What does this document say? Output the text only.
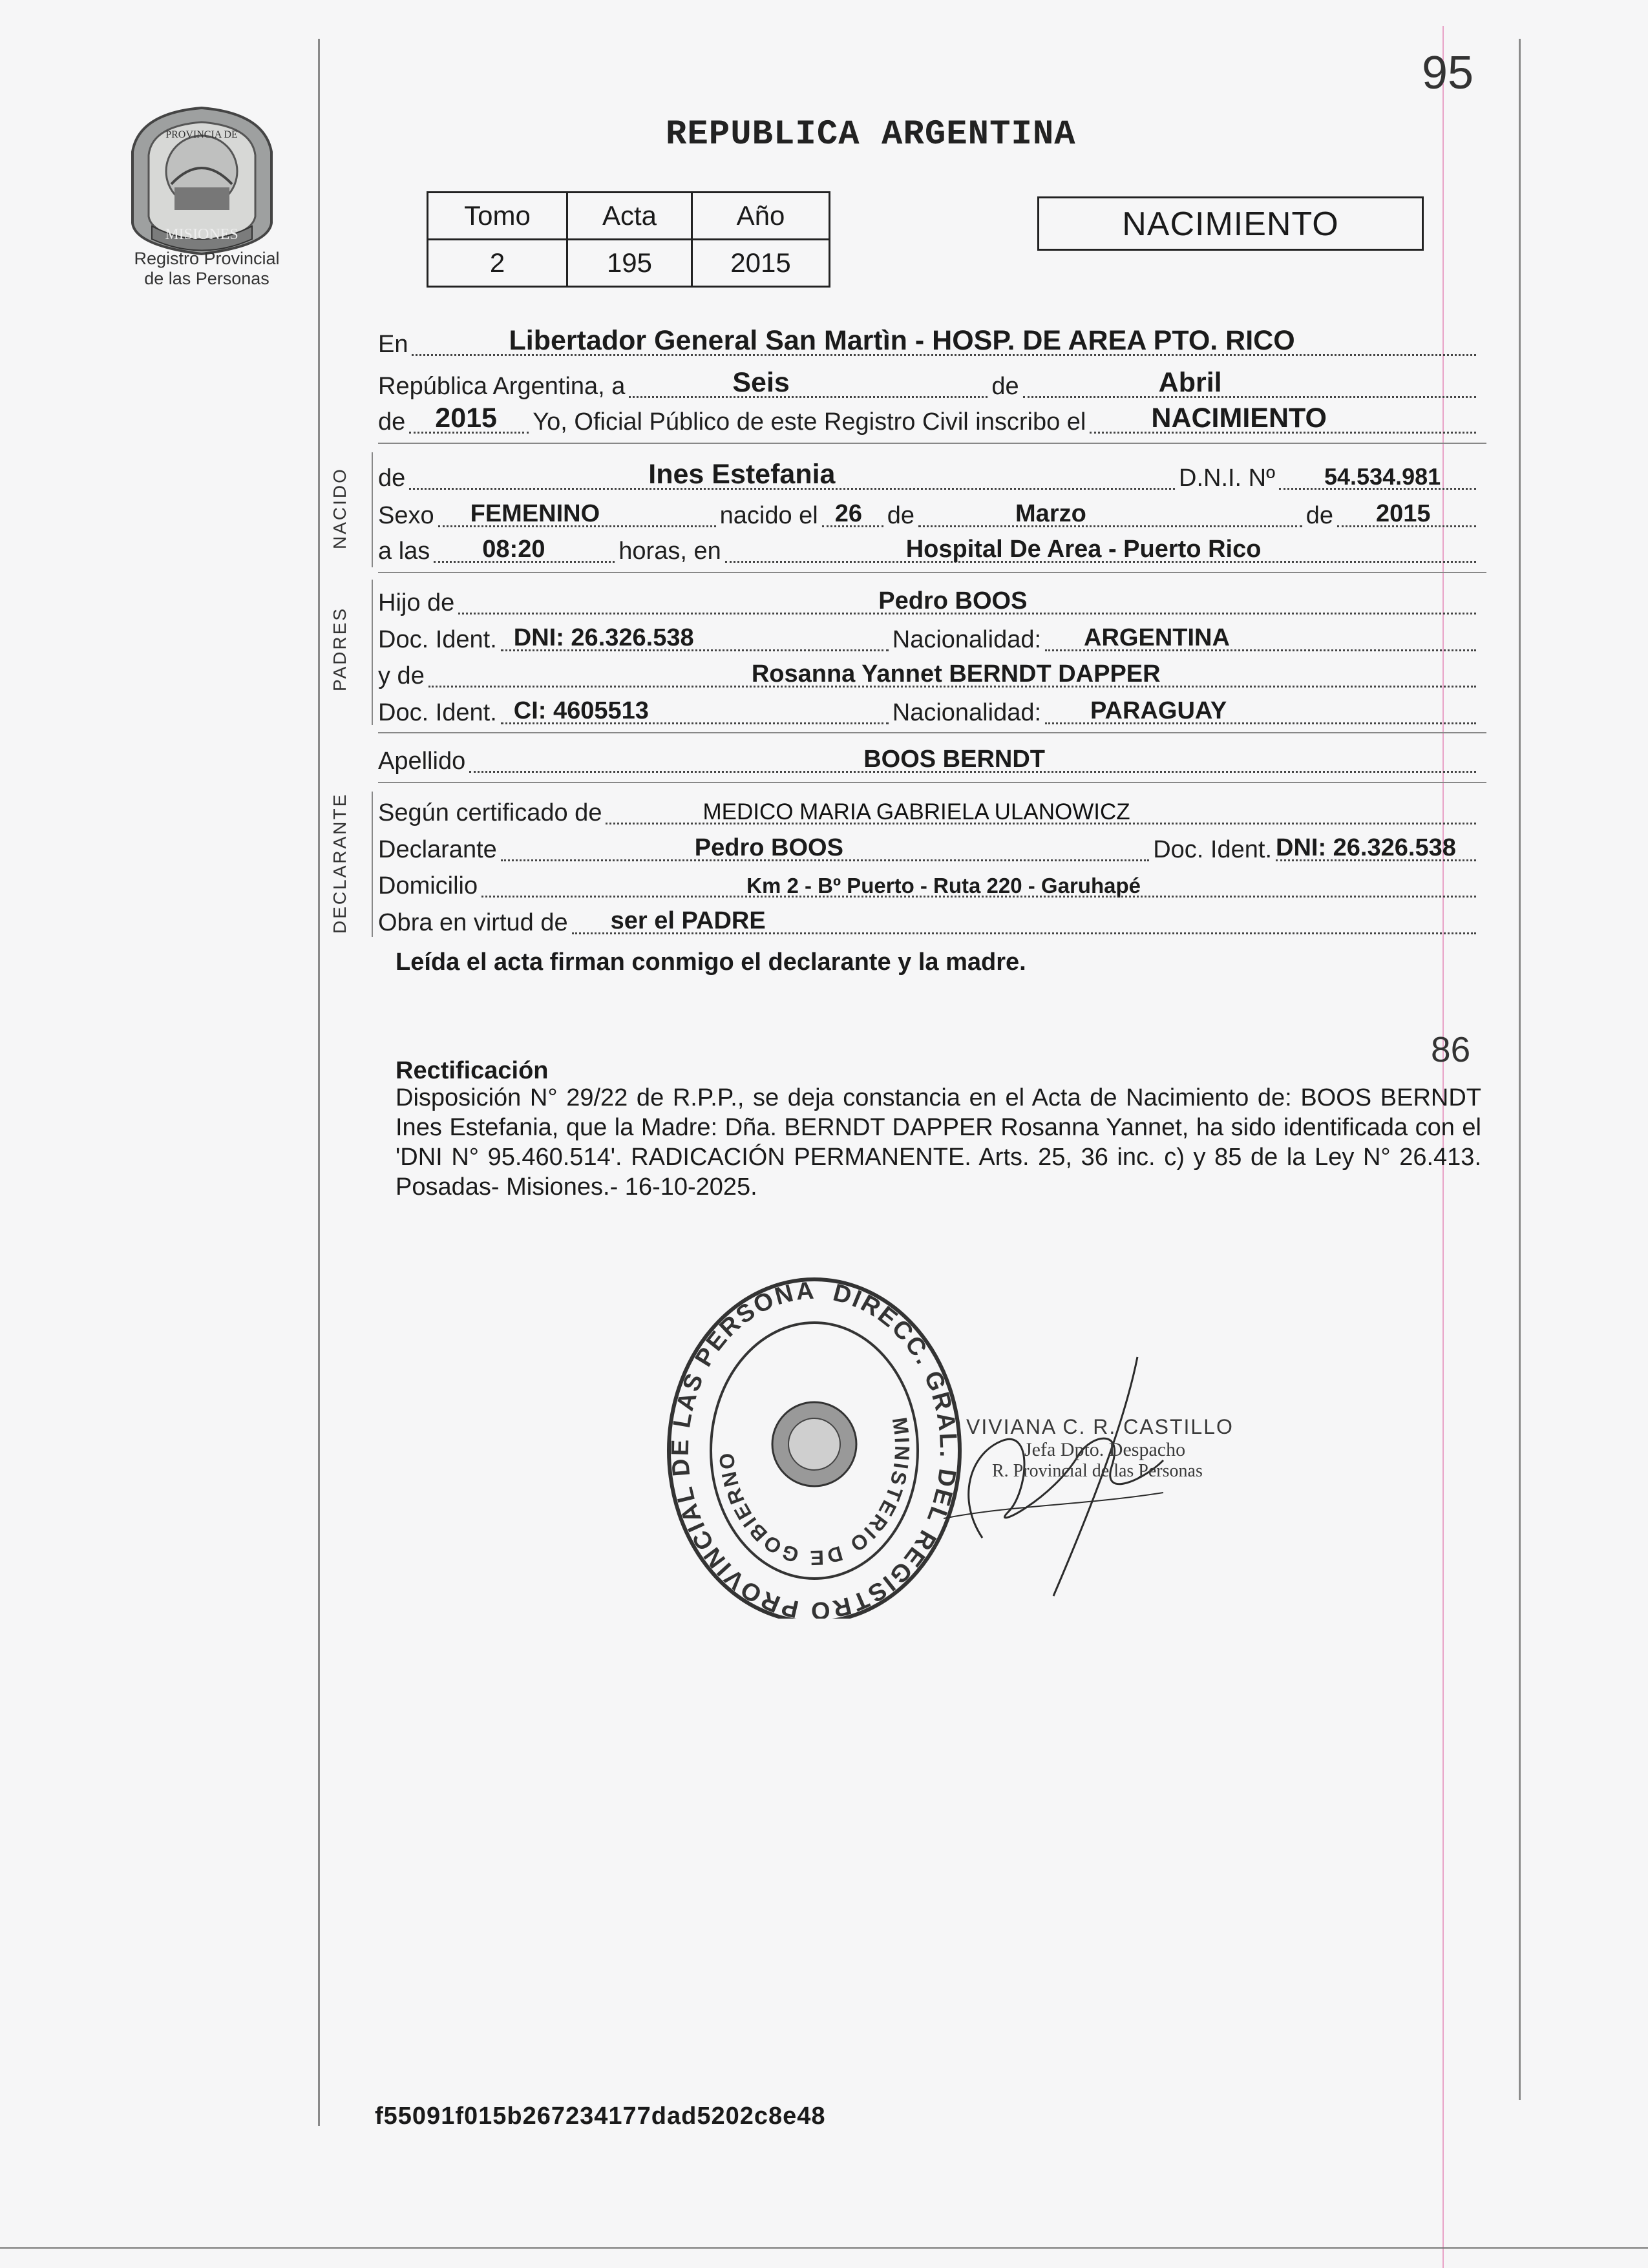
MISIONES
PROVINCIA DE
Registro Provincial
de las Personas
95
REPUBLICA ARGENTINA
Tomo	Acta	Año
2	195	2015
NACIMIENTO
En	Libertador General San Martìn - HOSP. DE AREA PTO. RICO
República Argentina, a	Seis	de	Abril
de 2015 Yo, Oficial Público de este Registro Civil inscribo el NACIMIENTO
NACIDO de	Ines Estefania	D.N.I. Nº 54.534.981
Sexo FEMENINO	nacido el 26 de	Marzo	de 2015
a las 08:20	horas, en	Hospital De Area - Puerto Rico
PADRES
Hijo de	Pedro BOOS
Doc. Ident. DNI: 26.326.538	Nacionalidad: ARGENTINA
y de	Rosanna Yannet BERNDT DAPPER
Doc. Ident. CI: 4605513	Nacionalidad: PARAGUAY
Apellido	BOOS BERNDT
DECLARANTE Según certificado de	MEDICO MARIA GABRIELA ULANOWICZ
Declarante	Pedro BOOS	Doc. Ident. DNI: 26.326.538
Domicilio	Km 2 - Bº Puerto - Ruta 220 - Garuhapé
Obra en virtud de ser el PADRE
Leída el acta firman conmigo el declarante y la madre.
86
Rectificación
Disposición N° 29/22 de R.P.P., se deja constancia en el Acta de Nacimiento de: BOOS BERNDT Ines Estefania, que la Madre: Dña. BERNDT DAPPER Rosanna Yannet, ha sido identificada con el 'DNI N° 95.460.514'. RADICACIÓN PERMANENTE. Arts. 25, 36 inc. c) y 85 de la Ley N° 26.413. Posadas- Misiones.- 16-10-2025.
DIRECC. GRAL. DEL REGISTRO PROVINCIAL DE LAS PERSONA
MINISTERIO DE GOBIERNO
VIVIANA C. R. CASTILLO
Jefa Dpto. Despacho
R. Provincial de las Personas
f55091f015b267234177dad5202c8e48
